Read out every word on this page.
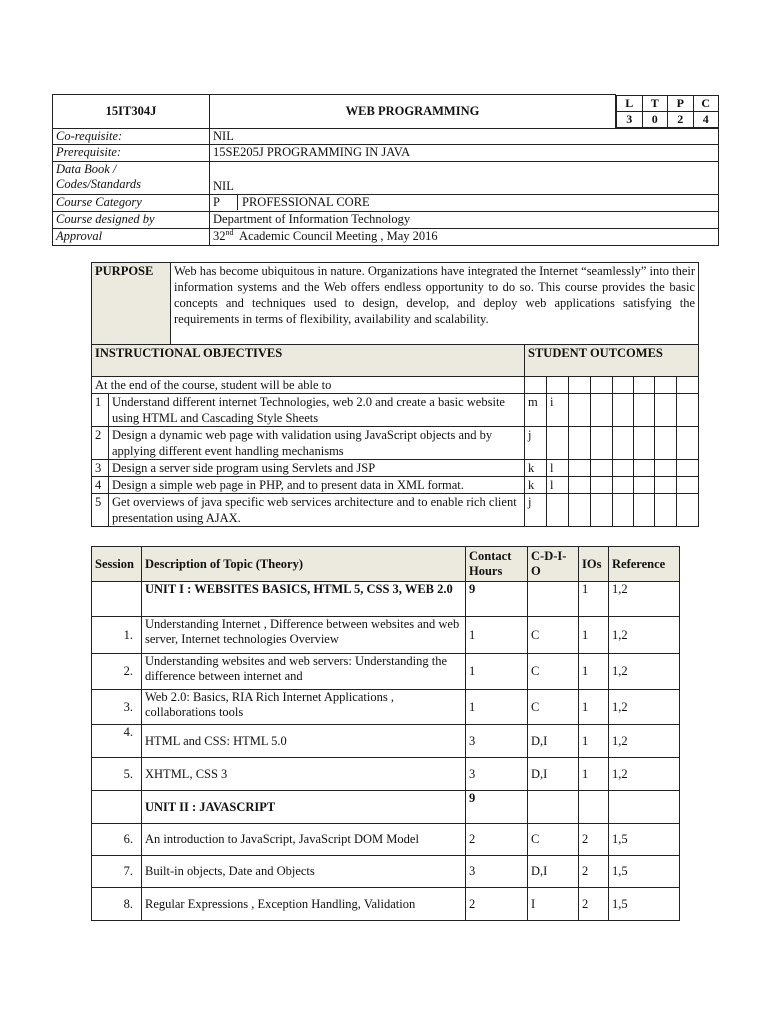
15IT304J	WEB PROGRAMMING	
L	T	P	C
3	0	2	4

Co-requisite:	NIL
Prerequisite:	15SE205J PROGRAMMING IN JAVA

Data Book /
Codes/Standards	NIL
Course Category	P PROFESSIONAL CORE
Course designed by	Department of Information Technology
Approval	32nd  Academic Council Meeting , May 2016
PURPOSE		Web has become ubiquitous in nature. Organizations have integrated the Internet “seamlessly” into their information systems and the Web offers endless opportunity to do so. This course provides the basic concepts and techniques used to design, develop, and deploy web applications satisfying the requirements in terms of flexibility, availability and scalability.								
INSTRUCTIONAL OBJECTIVES			STUDENT OUTCOMES							
At the end of the course, student will be able to										
1	Understand different internet Technologies, web 2.0 and create a basic website using HTML and Cascading Style Sheets		m	i						
2	Design a dynamic web page with validation using JavaScript objects and by applying different event handling mechanisms		j							
3	Design a server side program using Servlets and JSP		k	l						
4	Design a simple web page in PHP, and to present data in XML format.		k	l						
5	Get overviews of java specific web services architecture and to enable rich client presentation using AJAX.		j							
Session	Description of Topic (Theory)	Contact Hours	C-D-I-O	IOs	Reference
	UNIT I : WEBSITES BASICS, HTML 5, CSS 3, WEB 2.0	9		1	1,2
1.	Understanding Internet , Difference between websites and web server, Internet technologies Overview	1	C	1	1,2
2.	Understanding websites and web servers: Understanding the difference between internet and	1	C	1	1,2
3.	Web 2.0: Basics, RIA Rich Internet Applications , collaborations tools	1	C	1	1,2
4.	HTML and CSS: HTML 5.0	3	D,I	1	1,2
5.	XHTML, CSS 3	3	D,I	1	1,2
	UNIT II : JAVASCRIPT	9			
6.	An introduction to JavaScript, JavaScript DOM Model	2	C	2	1,5
7.	Built-in objects, Date and Objects	3	D,I	2	1,5
8.	Regular Expressions , Exception Handling, Validation	2	I	2	1,5
